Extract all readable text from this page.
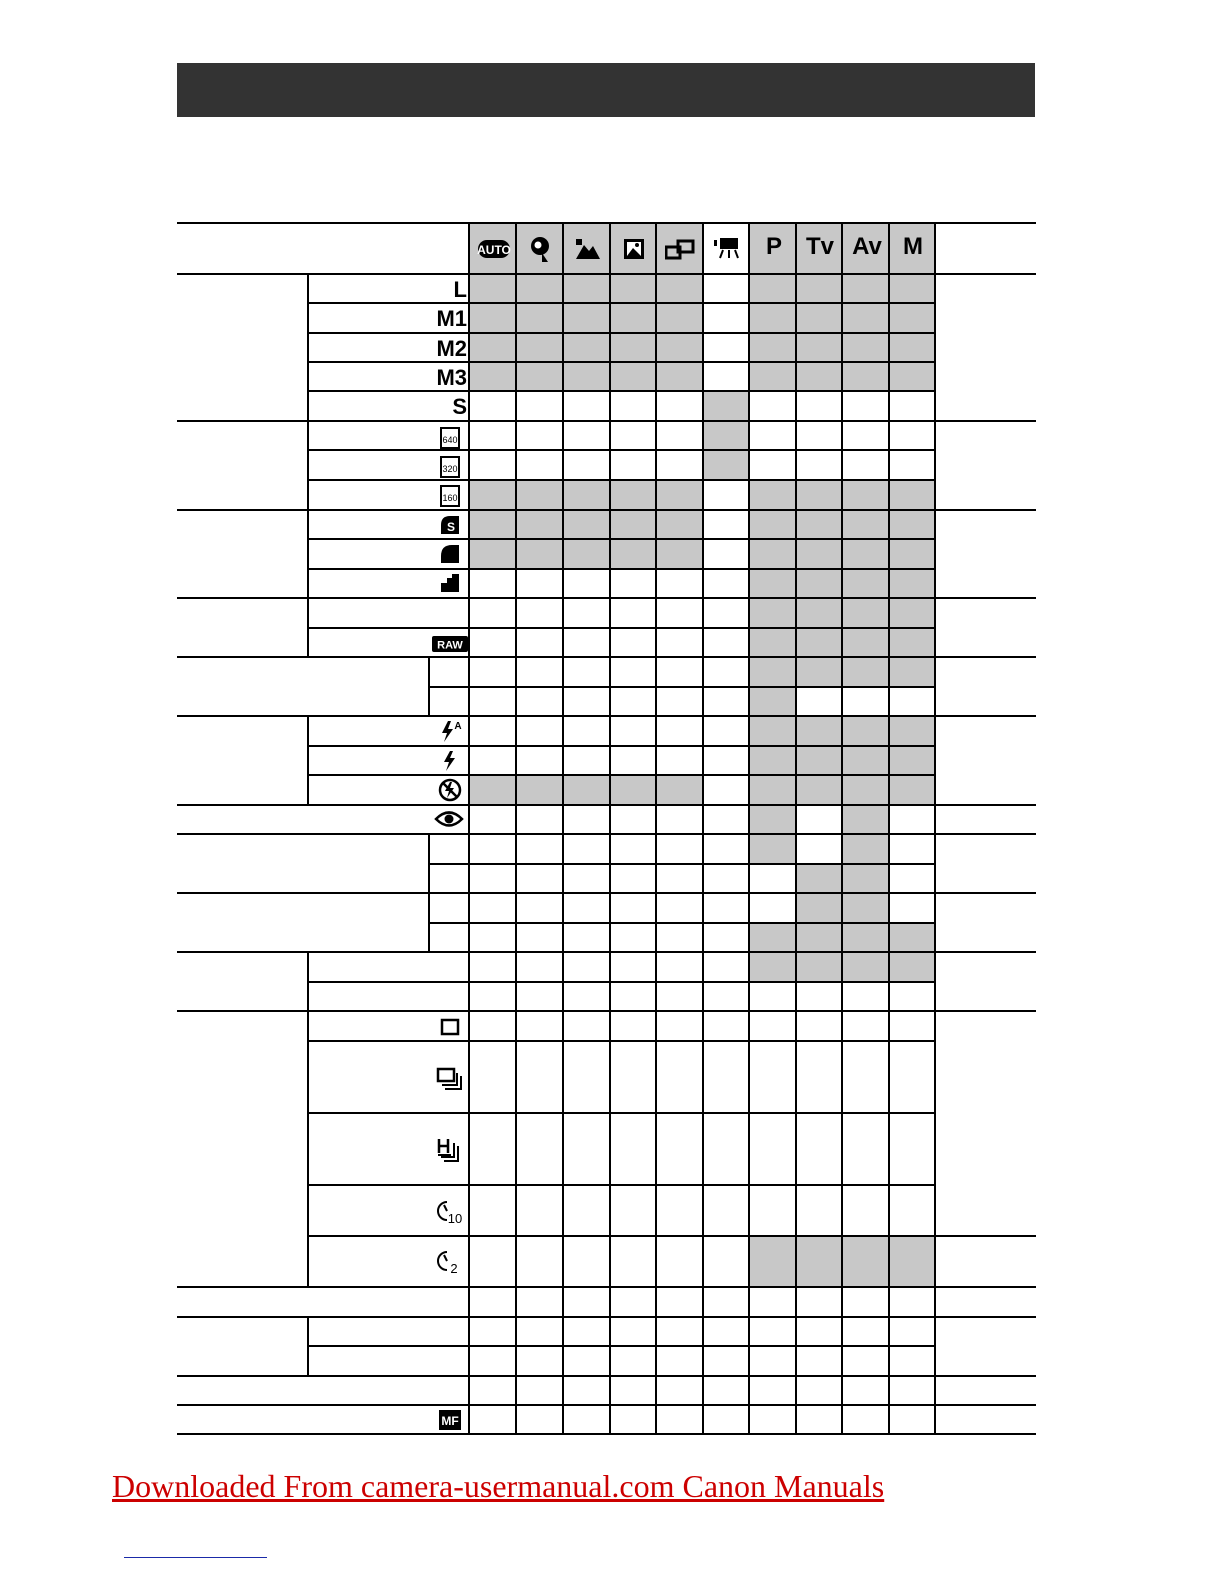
AUTO	P Tv Av M
L
M1
M2
M3
S
640
320
160
S
RAW
A
10
2
MF
Downloaded From camera-usermanual.com Canon Manuals
